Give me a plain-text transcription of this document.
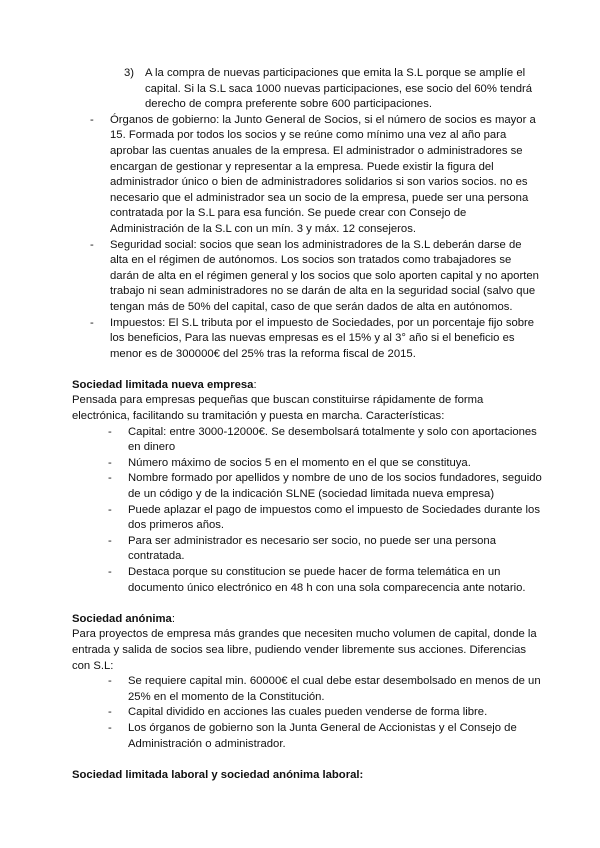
3) A la compra de nuevas participaciones que emita la S.L porque se amplíe el capital. Si la S.L saca 1000 nuevas participaciones, ese socio del 60% tendrá derecho de compra preferente sobre 600 participaciones.
- Órganos de gobierno: la Junto General de Socios, si el número de socios es mayor a 15. Formada por todos los socios y se reúne como mínimo una vez al año para aprobar las cuentas anuales de la empresa. El administrador o administradores se encargan de gestionar y representar a la empresa. Puede existir la figura del administrador único o bien de administradores solidarios si son varios socios. no es necesario que el administrador sea un socio de la empresa, puede ser una persona contratada por la S.L para esa función. Se puede crear con Consejo de Administración de la S.L con un mín. 3 y máx. 12 consejeros.
- Seguridad social: socios que sean los administradores de la S.L deberán darse de alta en el régimen de autónomos. Los socios son tratados como trabajadores se darán de alta en el régimen general y los socios que solo aporten capital y no aporten trabajo ni sean administradores no se darán de alta en la seguridad social (salvo que tengan más de 50% del capital, caso de que serán dados de alta en autónomos.
- Impuestos: El S.L tributa por el impuesto de Sociedades, por un porcentaje fijo sobre los beneficios, Para las nuevas empresas es el 15% y al 3° año si el beneficio es menor es de 300000€ del 25% tras la reforma fiscal de 2015.

Sociedad limitada nueva empresa:

Pensada para empresas pequeñas que buscan constituirse rápidamente de forma electrónica, facilitando su tramitación y puesta en marcha. Características:

- Capital: entre 3000-12000€. Se desembolsará totalmente y solo con aportaciones en dinero
- Número máximo de socios 5 en el momento en el que se constituya.
- Nombre formado por apellidos y nombre de uno de los socios fundadores, seguido de un código y de la indicación SLNE (sociedad limitada nueva empresa)
- Puede aplazar el pago de impuestos como el impuesto de Sociedades durante los dos primeros años.
- Para ser administrador es necesario ser socio, no puede ser una persona contratada.
- Destaca porque su constitucion se puede hacer de forma telemática en un documento único electrónico en 48 h con una sola comparecencia ante notario.

Sociedad anónima:

Para proyectos de empresa más grandes que necesiten mucho volumen de capital, donde la entrada y salida de socios sea libre, pudiendo vender libremente sus acciones. Diferencias con S.L:

- Se requiere capital min. 60000€ el cual debe estar desembolsado en menos de un 25% en el momento de la Constitución.
- Capital dividido en acciones las cuales pueden venderse de forma libre.
- Los órganos de gobierno son la Junta General de Accionistas y el Consejo de Administración o administrador.

Sociedad limitada laboral y sociedad anónima laboral:
